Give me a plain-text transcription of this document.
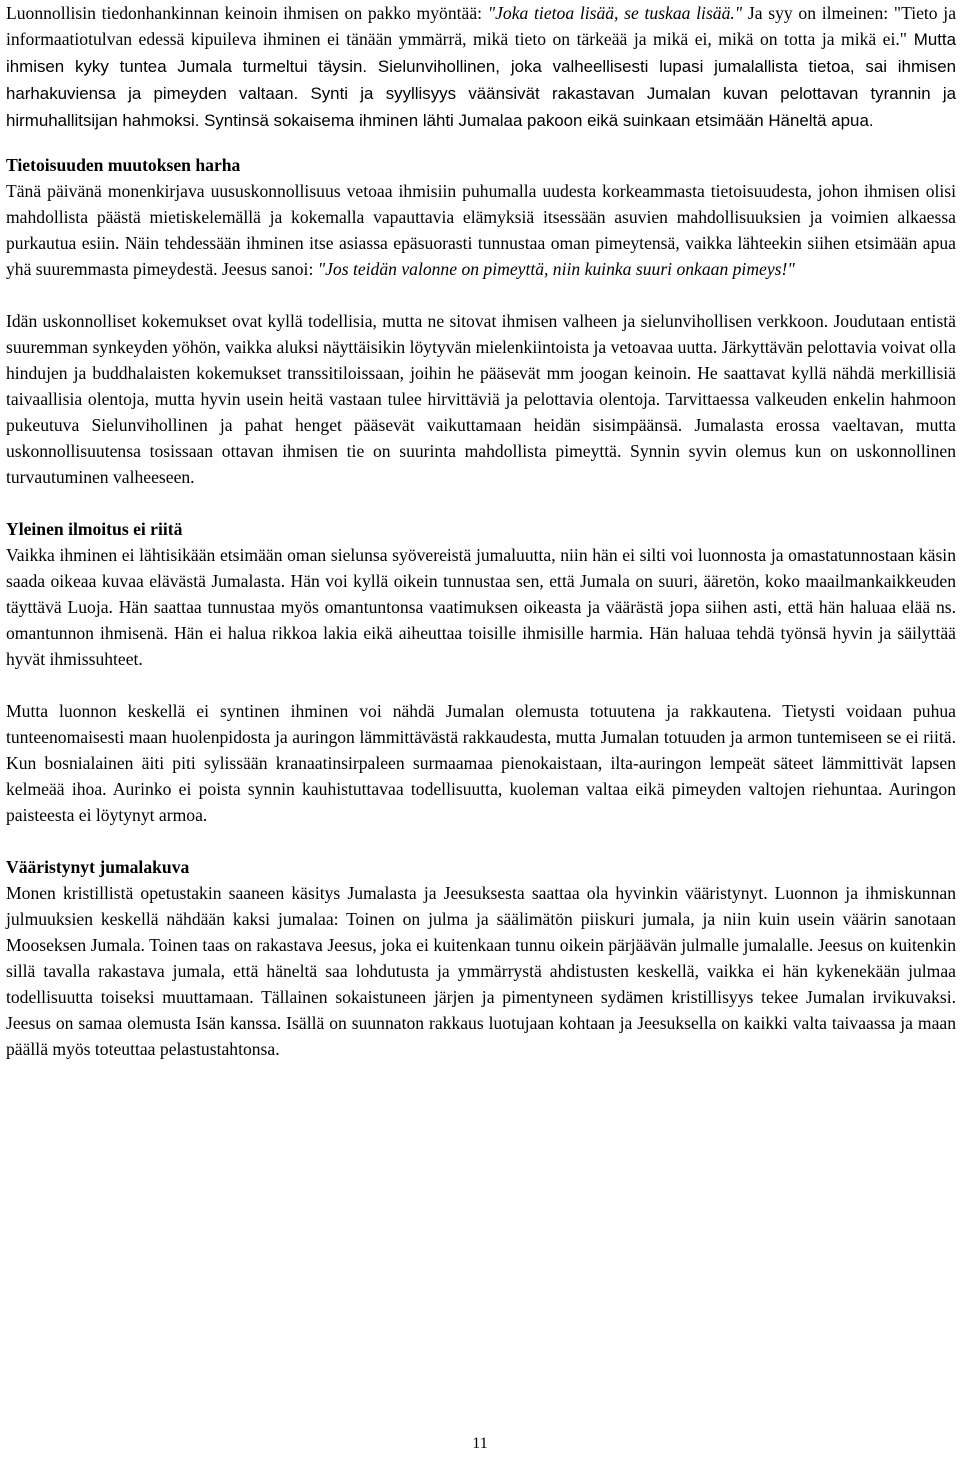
Luonnollisin tiedonhankinnan keinoin ihmisen on pakko myöntää: "Joka tietoa lisää, se tuskaa lisää." Ja syy on ilmeinen: "Tieto ja informaatiotulvan edessä kipuileva ihminen ei tänään ymmärrä, mikä tieto on tärkeää ja mikä ei, mikä on totta ja mikä ei." Mutta ihmisen kyky tuntea Jumala turmeltui täysin. Sielunvihollinen, joka valheellisesti lupasi jumalallista tietoa, sai ihmisen harhakuviensa ja pimeyden valtaan. Synti ja syyllisyys väänsivät rakastavan Jumalan kuvan pelottavan tyrannin ja hirmuhallitsijan hahmoksi. Syntinsä sokaisema ihminen lähti Jumalaa pakoon eikä suinkaan etsimään Häneltä apua.

Tietoisuuden muutoksen harha

Tänä päivänä monenkirjava uususkonnollisuus vetoaa ihmisiin puhumalla uudesta korkeammasta tietoisuudesta, johon ihmisen olisi mahdollista päästä mietiskelemällä ja kokemalla vapauttavia elämyksiä itsessään asuvien mahdollisuuksien ja voimien alkaessa purkautua esiin. Näin tehdessään ihminen itse asiassa epäsuorasti tunnustaa oman pimeytensä, vaikka lähteekin siihen etsimään apua yhä suuremmasta pimeydestä. Jeesus sanoi: "Jos teidän valonne on pimeyttä, niin kuinka suuri onkaan pimeys!"

Idän uskonnolliset kokemukset ovat kyllä todellisia, mutta ne sitovat ihmisen valheen ja sielunvihollisen verkkoon. Joudutaan entistä suuremman synkeyden yöhön, vaikka aluksi näyttäisikin löytyvän mielenkiintoista ja vetoavaa uutta. Järkyttävän pelottavia voivat olla hindujen ja buddhalaisten kokemukset transsitiloissaan, joihin he pääsevät mm joogan keinoin. He saattavat kyllä nähdä merkillisiä taivaallisia olentoja, mutta hyvin usein heitä vastaan tulee hirvittäviä ja pelottavia olentoja. Tarvittaessa valkeuden enkelin hahmoon pukeutuva Sielunvihollinen ja pahat henget pääsevät vaikuttamaan heidän sisimpäänsä. Jumalasta erossa vaeltavan, mutta uskonnollisuutensa tosissaan ottavan ihmisen tie on suurinta mahdollista pimeyttä. Synnin syvin olemus kun on uskonnollinen turvautuminen valheeseen.

Yleinen ilmoitus ei riitä

Vaikka ihminen ei lähtisikään etsimään oman sielunsa syövereistä jumaluutta, niin hän ei silti voi luonnosta ja omastatunnostaan käsin saada oikeaa kuvaa elävästä Jumalasta. Hän voi kyllä oikein tunnustaa sen, että Jumala on suuri, ääretön, koko maailmankaikkeuden täyttävä Luoja. Hän saattaa tunnustaa myös omantuntonsa vaatimuksen oikeasta ja väärästä jopa siihen asti, että hän haluaa elää ns. omantunnon ihmisenä. Hän ei halua rikkoa lakia eikä aiheuttaa toisille ihmisille harmia. Hän haluaa tehdä työnsä hyvin ja säilyttää hyvät ihmissuhteet.

Mutta luonnon keskellä ei syntinen ihminen voi nähdä Jumalan olemusta totuutena ja rakkautena. Tietysti voidaan puhua tunteenomaisesti maan huolenpidosta ja auringon lämmittävästä rakkaudesta, mutta Jumalan totuuden ja armon tuntemiseen se ei riitä. Kun bosnialainen äiti piti sylissään kranaatinsirpaleen surmaamaa pienokaistaan, ilta-auringon lempeät säteet lämmittivät lapsen kelmeää ihoa. Aurinko ei poista synnin kauhistuttavaa todellisuutta, kuoleman valtaa eikä pimeyden valtojen riehuntaa. Auringon paisteesta ei löytynyt armoa.

Vääristynyt jumalakuva

Monen kristillistä opetustakin saaneen käsitys Jumalasta ja Jeesuksesta saattaa ola hyvinkin vääristynyt. Luonnon ja ihmiskunnan julmuuksien keskellä nähdään kaksi jumalaa: Toinen on julma ja säälimätön piiskuri jumala, ja niin kuin usein väärin sanotaan Mooseksen Jumala. Toinen taas on rakastava Jeesus, joka ei kuitenkaan tunnu oikein pärjäävän julmalle jumalalle. Jeesus on kuitenkin sillä tavalla rakastava jumala, että häneltä saa lohdutusta ja ymmärrystä ahdistusten keskellä, vaikka ei hän kykenekään julmaa todellisuutta toiseksi muuttamaan. Tällainen sokaistuneen järjen ja pimentyneen sydämen kristillisyys tekee Jumalan irvikuvaksi. Jeesus on samaa olemusta Isän kanssa. Isällä on suunnaton rakkaus luotujaan kohtaan ja Jeesuksella on kaikki valta taivaassa ja maan päällä myös toteuttaa pelastustahtonsa.

11
